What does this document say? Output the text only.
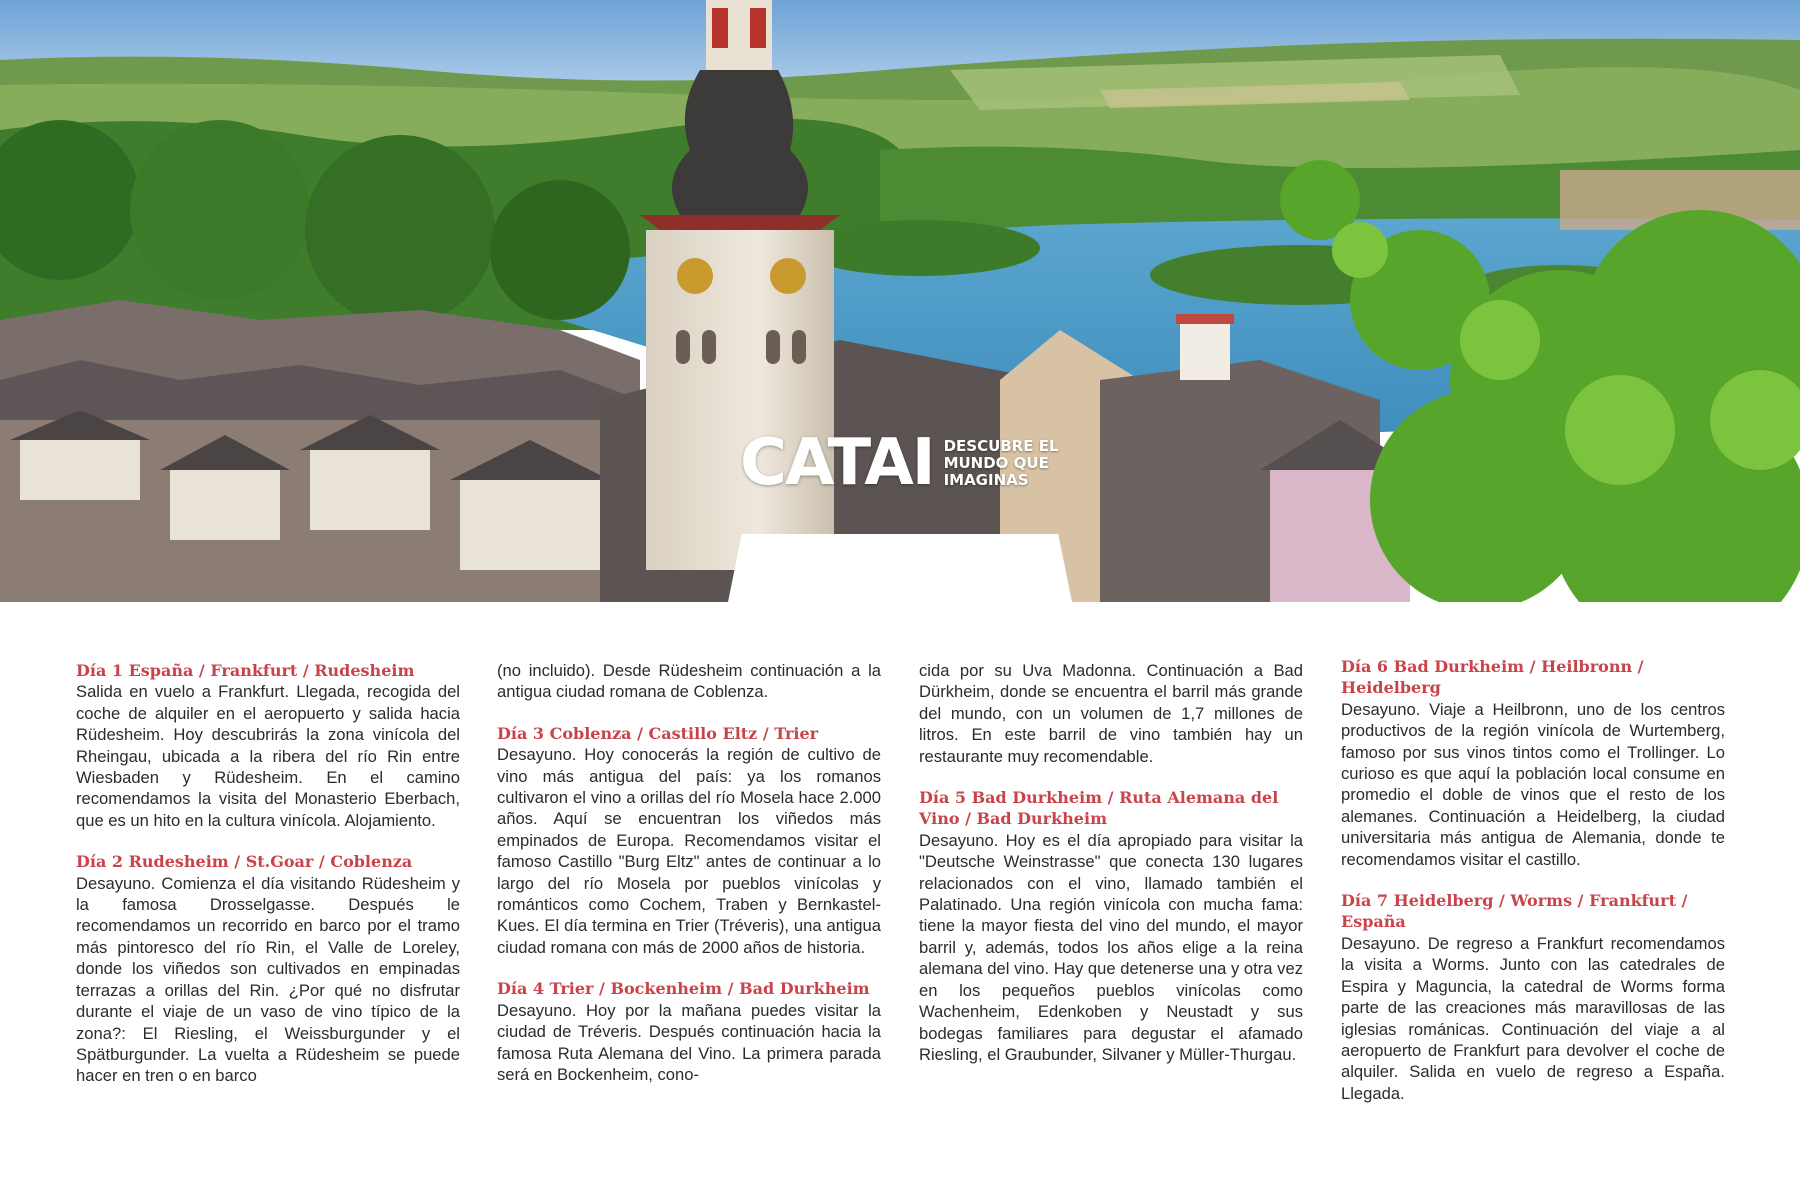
CATAI DESCUBRE EL
MUNDO QUE
IMAGINAS

Día 1 España / Frankfurt / Rudesheim
Salida en vuelo a Frankfurt. Llegada, recogida del coche de alquiler en el aeropuerto y salida hacia Rüdesheim. Hoy descubrirás la zona vinícola del Rheingau, ubicada a la ribera del río Rin entre Wiesbaden y Rüdesheim. En el camino recomendamos la visita del Monasterio Eberbach, que es un hito en la cultura vinícola. Alojamiento.

Día 2 Rudesheim / St.Goar / Coblenza
Desayuno. Comienza el día visitando Rüdesheim y la famosa Drosselgasse. Después le recomendamos un recorrido en barco por el tramo más pintoresco del río Rin, el Valle de Loreley, donde los viñedos son cultivados en empinadas terrazas a orillas del Rin. ¿Por qué no disfrutar durante el viaje de un vaso de vino típico de la zona?: El Riesling, el Weissburgunder y el Spätburgunder. La vuelta a Rüdesheim se puede hacer en tren o en barco

(no incluido). Desde Rüdesheim continuación a la antigua ciudad romana de Coblenza.

Día 3 Coblenza / Castillo Eltz / Trier
Desayuno. Hoy conocerás la región de cultivo de vino más antigua del país: ya los romanos cultivaron el vino a orillas del río Mosela hace 2.000 años. Aquí se encuentran los viñedos más empinados de Europa. Recomendamos visitar el famoso Castillo "Burg Eltz" antes de continuar a lo largo del río Mosela por pueblos vinícolas y románticos como Cochem, Traben y Bernkastel-Kues. El día termina en Trier (Tréveris), una antigua ciudad romana con más de 2000 años de historia.

Día 4 Trier / Bockenheim / Bad Durkheim
Desayuno. Hoy por la mañana puedes visitar la ciudad de Tréveris. Después continuación hacia la famosa Ruta Alemana del Vino. La primera parada será en Bockenheim, cono-

cida por su Uva Madonna. Continuación a Bad Dürkheim, donde se encuentra el barril más grande del mundo, con un volumen de 1,7 millones de litros. En este barril de vino también hay un restaurante muy recomendable.

Día 5 Bad Durkheim / Ruta Alemana del Vino / Bad Durkheim
Desayuno. Hoy es el día apropiado para visitar la "Deutsche Weinstrasse" que conecta 130 lugares relacionados con el vino, llamado también el Palatinado. Una región vinícola con mucha fama: tiene la mayor fiesta del vino del mundo, el mayor barril y, además, todos los años elige a la reina alemana del vino. Hay que detenerse una y otra vez en los pequeños pueblos vinícolas como Wachenheim, Edenkoben y Neustadt y sus bodegas familiares para degustar el afamado Riesling, el Graubunder, Silvaner y Müller-Thurgau.

Día 6 Bad Durkheim / Heilbronn / Heidelberg
Desayuno. Viaje a Heilbronn, uno de los centros productivos de la región vinícola de Wurtemberg, famoso por sus vinos tintos como el Trollinger. Lo curioso es que aquí la población local consume en promedio el doble de vinos que el resto de los alemanes. Continuación a Heidelberg, la ciudad universitaria más antigua de Alemania, donde te recomendamos visitar el castillo.

Día 7 Heidelberg / Worms / Frankfurt / España
Desayuno. De regreso a Frankfurt recomendamos la visita a Worms. Junto con las catedrales de Espira y Maguncia, la catedral de Worms forma parte de las creaciones más maravillosas de las iglesias románicas. Continuación del viaje a al aeropuerto de Frankfurt para devolver el coche de alquiler. Salida en vuelo de regreso a España. Llegada.
